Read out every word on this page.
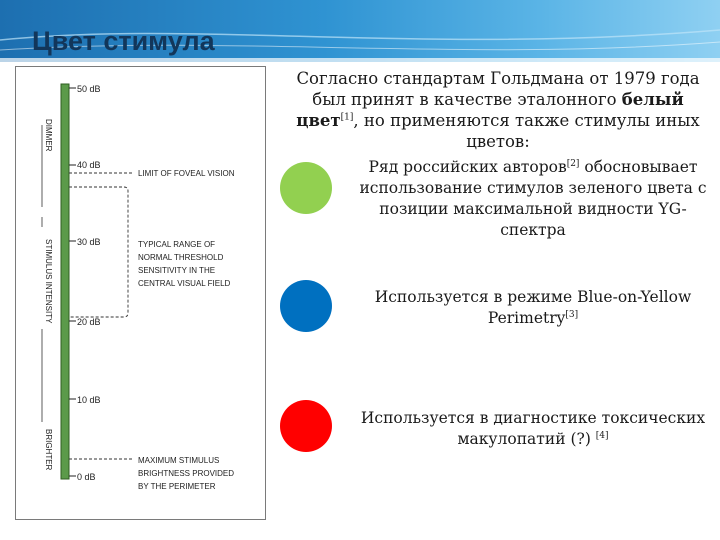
Цвет стимула
DIMMER
STIMULUS INTENSITY
BRIGHTER
50 dB
40 dB
30 dB
20 dB
10 dB
0 dB
LIMIT OF FOVEAL VISION
TYPICAL RANGE OF
NORMAL THRESHOLD
SENSITIVITY IN THE
CENTRAL VISUAL FIELD
MAXIMUM STIMULUS
BRIGHTNESS PROVIDED
BY THE PERIMETER
Согласно стандартам Гольдмана от 1979 года
был принят в качестве эталонного белый
цвет[1], но применяются также стимулы иных
цветов:
Ряд российских авторов[2] обосновывает
использование стимулов зеленого цвета с
позиции максимальной видности YG-
спектра
Используется в режиме Blue-on-Yellow
Perimetry[3]
Используется в диагностике токсических
макулопатий (?) [4]
